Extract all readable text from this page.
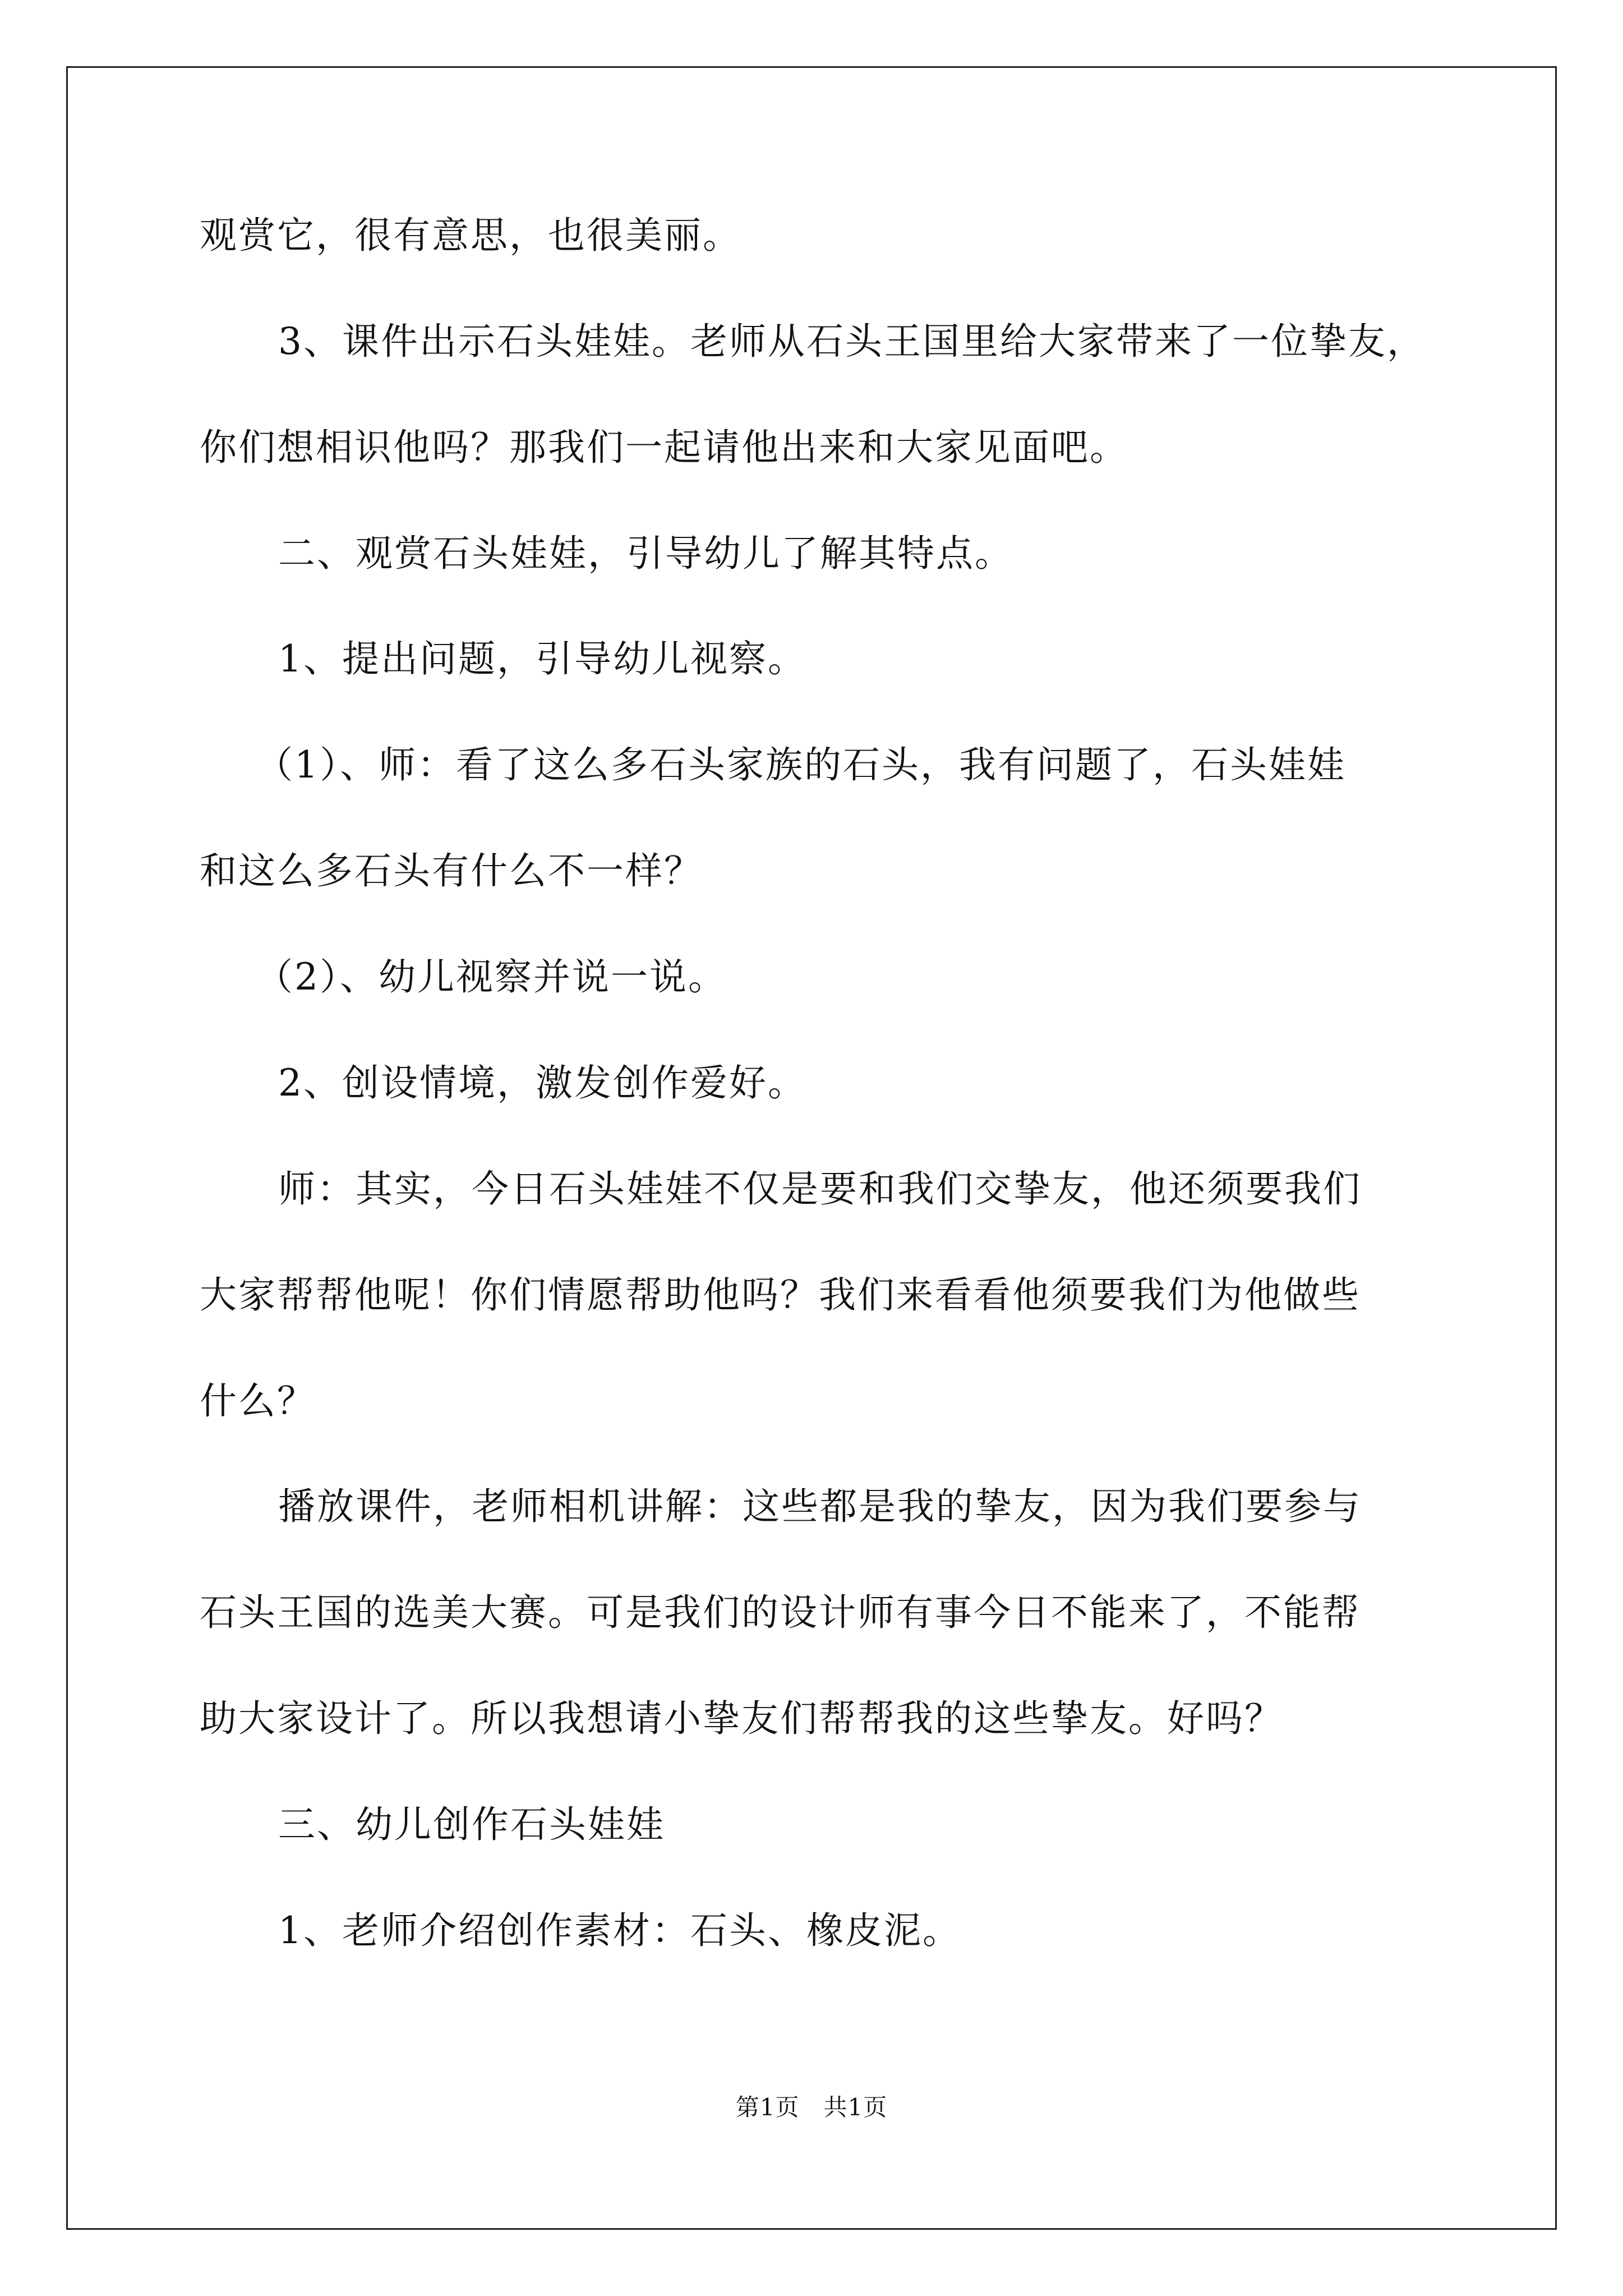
观赏它，很有意思，也很美丽。
3、课件出示石头娃娃。老师从石头王国里给大家带来了一位挚友，
你们想相识他吗？那我们一起请他出来和大家见面吧。
二、观赏石头娃娃，引导幼儿了解其特点。
1、提出问题，引导幼儿视察。
（1）、师：看了这么多石头家族的石头，我有问题了，石头娃娃
和这么多石头有什么不一样？
（2）、幼儿视察并说一说。
2、创设情境，激发创作爱好。
师：其实，今日石头娃娃不仅是要和我们交挚友，他还须要我们
大家帮帮他呢！你们情愿帮助他吗？我们来看看他须要我们为他做些
什么？
播放课件，老师相机讲解：这些都是我的挚友，因为我们要参与
石头王国的选美大赛。可是我们的设计师有事今日不能来了，不能帮
助大家设计了。所以我想请小挚友们帮帮我的这些挚友。好吗？
三、幼儿创作石头娃娃
1、老师介绍创作素材：石头、橡皮泥。
第1页　共1页
